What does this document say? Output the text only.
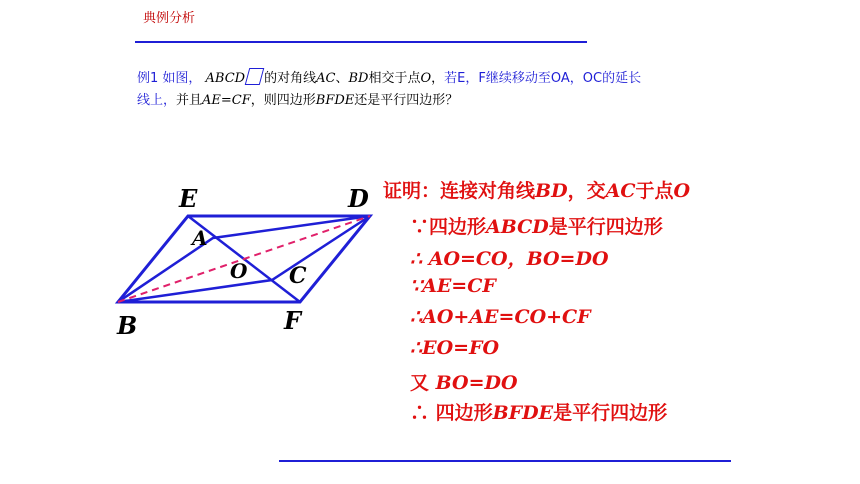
典例分析
例1 如图， ABCD 的对角线AC、BD相交于点O，若E，F继续移动至OA，OC的延长
线上，并且AE=CF，则四边形BFDE还是平行四边形？
E	D
A
O C
B	F
证明：连接对角线BD，交AC于点O
∵四边形ABCD是平行四边形
∴ AO=CO，BO=DO
∵AE=CF
∴AO+AE=CO+CF
∴EO=FO
又 BO=DO
∴ 四边形BFDE是平行四边形
